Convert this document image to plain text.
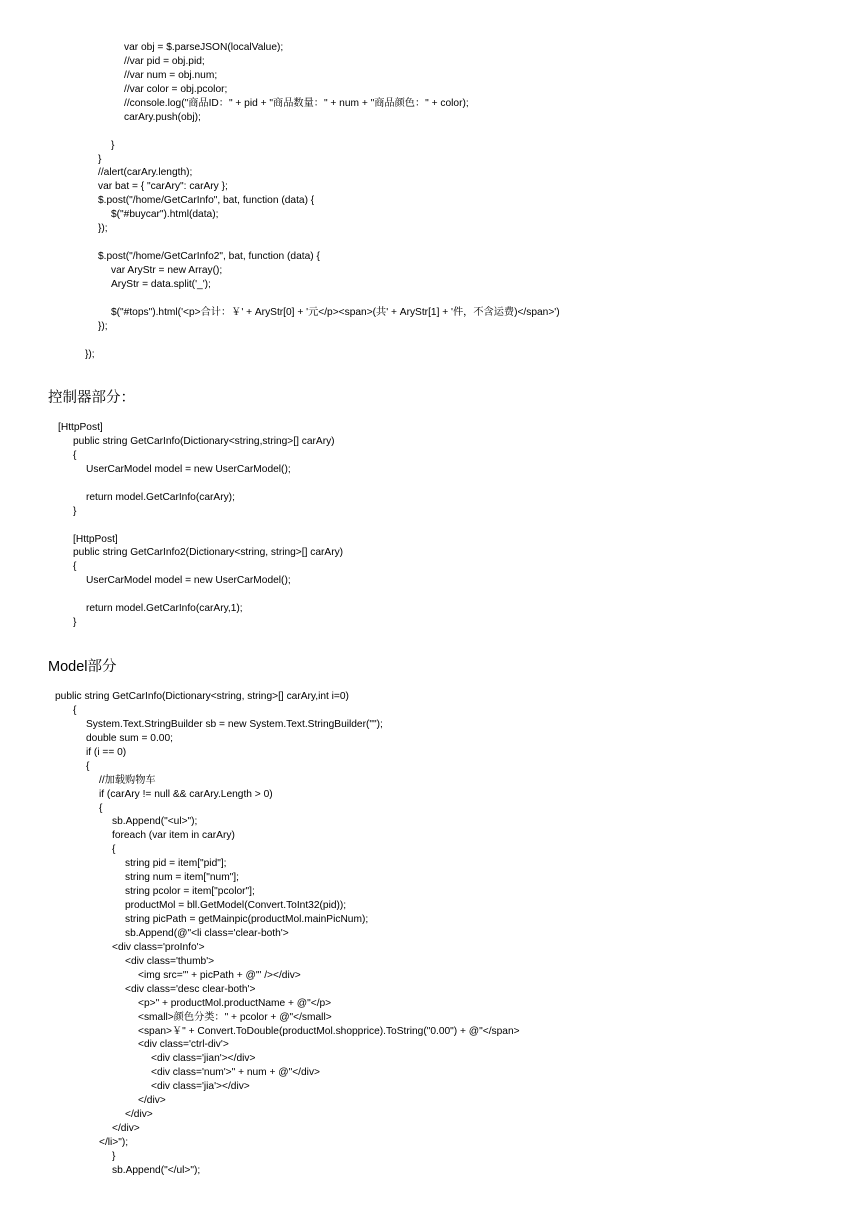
var obj = $.parseJSON(localValue);
//var pid = obj.pid;
//var num = obj.num;
//var color = obj.pcolor;
//console.log("商品ID：" + pid + "商品数量：" + num + "商品颜色：" + color);
carAry.push(obj);
}
}
//alert(carAry.length);
var bat = { "carAry": carAry };
$.post("/home/GetCarInfo", bat, function (data) {
$("#buycar").html(data);
});
$.post("/home/GetCarInfo2", bat, function (data) {
var AryStr = new Array();
AryStr = data.split('_');
$("#tops").html('<p>合计：￥' + AryStr[0] + '元</p><span>(共' + AryStr[1] + '件，不含运费)</span>')
});
});
控制器部分：
[HttpPost]
public string GetCarInfo(Dictionary<string,string>[] carAry)
{
UserCarModel model = new UserCarModel();
return model.GetCarInfo(carAry);
}
[HttpPost]
public string GetCarInfo2(Dictionary<string, string>[] carAry)
{
UserCarModel model = new UserCarModel();
return model.GetCarInfo(carAry,1);
}
Model部分
public string GetCarInfo(Dictionary<string, string>[] carAry,int i=0)
{
System.Text.StringBuilder sb = new System.Text.StringBuilder("");
double sum = 0.00;
if (i == 0)
{
//加载购物车
if (carAry != null && carAry.Length > 0)
{
sb.Append("<ul>");
foreach (var item in carAry)
{
string pid = item["pid"];
string num = item["num"];
string pcolor = item["pcolor"];
productMol = bll.GetModel(Convert.ToInt32(pid));
string picPath = getMainpic(productMol.mainPicNum);
sb.Append(@"<li class='clear-both'>
<div class='proInfo'>
<div class='thumb'>
<img src='" + picPath + @"' /></div>
<div class='desc clear-both'>
<p>" + productMol.productName + @"</p>
<small>颜色分类：" + pcolor + @"</small>
<span>￥" + Convert.ToDouble(productMol.shopprice).ToString("0.00") + @"</span>
<div class='ctrl-div'>
<div class='jian'></div>
<div class='num'>" + num + @"</div>
<div class='jia'></div>
</div>
</div>
</div>
</li>");
}
sb.Append("</ul>");
